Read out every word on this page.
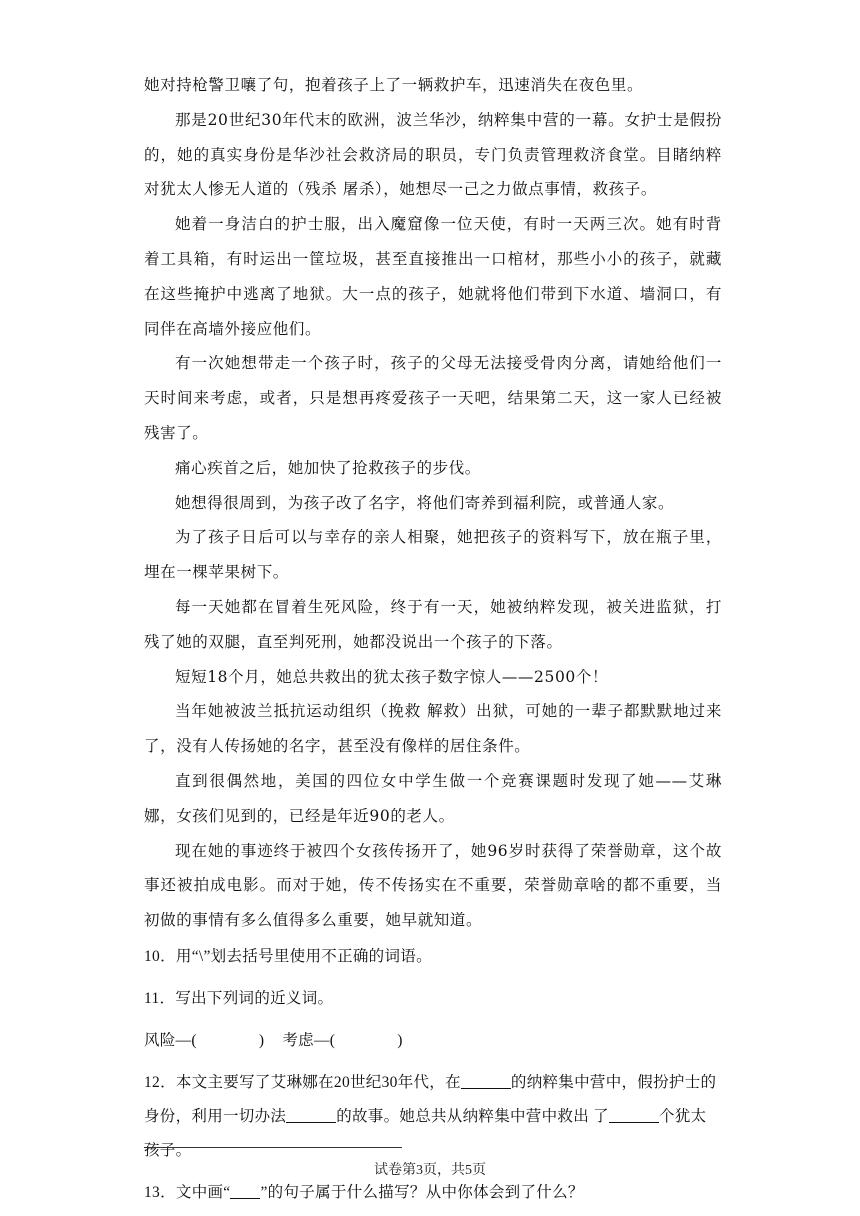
她对持枪警卫嚷了句，抱着孩子上了一辆救护车，迅速消失在夜色里。

那是20世纪30年代末的欧洲，波兰华沙，纳粹集中营的一幕。女护士是假扮的，她的真实身份是华沙社会救济局的职员，专门负责管理救济食堂。目睹纳粹对犹太人惨无人道的（残杀 屠杀），她想尽一己之力做点事情，救孩子。

她着一身洁白的护士服，出入魔窟像一位天使，有时一天两三次。她有时背着工具箱，有时运出一筐垃圾，甚至直接推出一口棺材，那些小小的孩子，就藏在这些掩护中逃离了地狱。大一点的孩子，她就将他们带到下水道、墙洞口，有同伴在高墙外接应他们。

有一次她想带走一个孩子时，孩子的父母无法接受骨肉分离，请她给他们一天时间来考虑，或者，只是想再疼爱孩子一天吧，结果第二天，这一家人已经被残害了。

痛心疾首之后，她加快了抢救孩子的步伐。

她想得很周到，为孩子改了名字，将他们寄养到福利院，或普通人家。

为了孩子日后可以与幸存的亲人相聚，她把孩子的资料写下，放在瓶子里，埋在一棵苹果树下。

每一天她都在冒着生死风险，终于有一天，她被纳粹发现，被关进监狱，打残了她的双腿，直至判死刑，她都没说出一个孩子的下落。

短短18个月，她总共救出的犹太孩子数字惊人——2500个！

当年她被波兰抵抗运动组织（挽救 解救）出狱，可她的一辈子都默默地过来了，没有人传扬她的名字，甚至没有像样的居住条件。

直到很偶然地，美国的四位女中学生做一个竞赛课题时发现了她——艾琳娜，女孩们见到的，已经是年近90的老人。

现在她的事迹终于被四个女孩传扬开了，她96岁时获得了荣誉勋章，这个故事还被拍成电影。而对于她，传不传扬实在不重要，荣誉勋章啥的都不重要，当初做的事情有多么值得多么重要，她早就知道。

10．用“\”划去括号里使用不正确的词语。

11．写出下列词的近义词。

风险—(	) 考虑—(	)

12．本文主要写了艾琳娜在20世纪30年代，在	的纳粹集中营中，假扮护士的身份，利用一切办法	的故事。她总共从纳粹集中营中救出 了	个犹太孩子。

13．文中画“ ”的句子属于什么描写？从中你体会到了什么？

试卷第3页，共5页
